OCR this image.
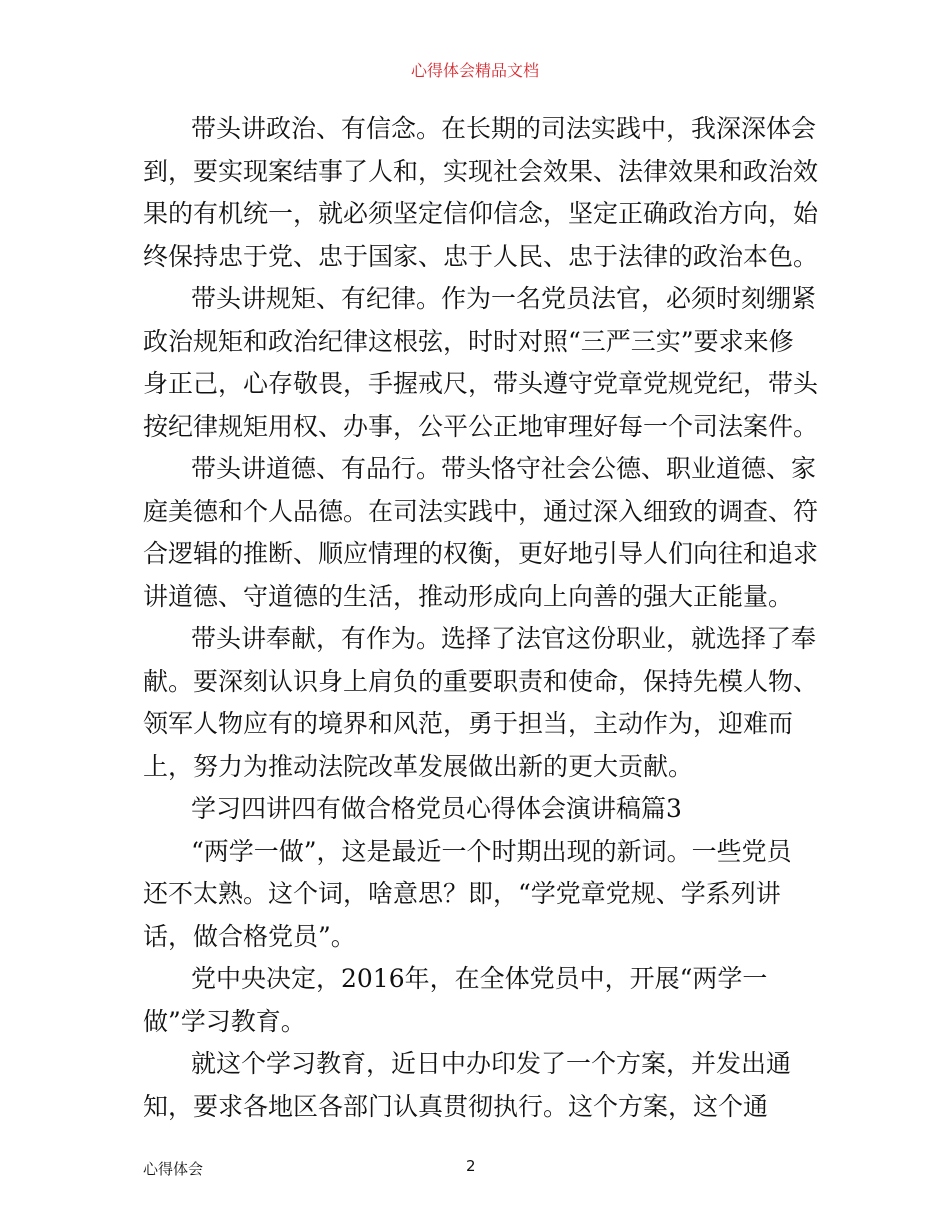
心得体会精品文档

带头讲政治、有信念。在长期的司法实践中，我深深体会
到，要实现案结事了人和，实现社会效果、法律效果和政治效
果的有机统一，就必须坚定信仰信念，坚定正确政治方向，始
终保持忠于党、忠于国家、忠于人民、忠于法律的政治本色。

带头讲规矩、有纪律。作为一名党员法官，必须时刻绷紧
政治规矩和政治纪律这根弦，时时对照“三严三实”要求来修
身正己，心存敬畏，手握戒尺，带头遵守党章党规党纪，带头
按纪律规矩用权、办事，公平公正地审理好每一个司法案件。

带头讲道德、有品行。带头恪守社会公德、职业道德、家
庭美德和个人品德。在司法实践中，通过深入细致的调查、符
合逻辑的推断、顺应情理的权衡，更好地引导人们向往和追求
讲道德、守道德的生活，推动形成向上向善的强大正能量。

带头讲奉献，有作为。选择了法官这份职业，就选择了奉
献。要深刻认识身上肩负的重要职责和使命，保持先模人物、
领军人物应有的境界和风范，勇于担当，主动作为，迎难而
上，努力为推动法院改革发展做出新的更大贡献。

学习四讲四有做合格党员心得体会演讲稿篇3

“两学一做”，这是最近一个时期出现的新词。一些党员
还不太熟。这个词，啥意思？即，“学党章党规、学系列讲
话，做合格党员”。

党中央决定，2016年，在全体党员中，开展“两学一
做”学习教育。

就这个学习教育，近日中办印发了一个方案，并发出通
知，要求各地区各部门认真贯彻执行。这个方案，这个通

心得体会	2
